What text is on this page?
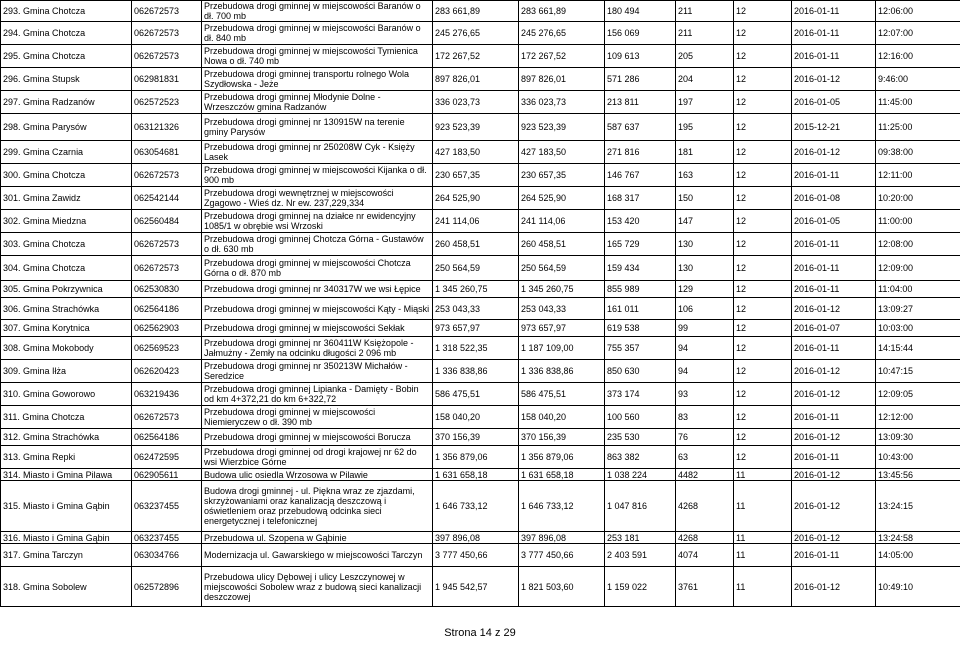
293. Gmina Chotcza	062672573	Przebudowa drogi gminnej w miejscowości Baranów o dł. 700 mb	283 661,89	283 661,89	180 494	211	12	2016-01-11	12:06:00
294. Gmina Chotcza	062672573	Przebudowa drogi gminnej w miejscowości Baranów o dł. 840 mb	245 276,65	245 276,65	156 069	211	12	2016-01-11	12:07:00
295. Gmina Chotcza	062672573	Przebudowa drogi gminnej w miejscowości Tymienica Nowa o dł. 740 mb	172 267,52	172 267,52	109 613	205	12	2016-01-11	12:16:00
296. Gmina Stupsk	062981831	Przebudowa drogi gminnej transportu rolnego Wola Szydłowska - Jeże	897 826,01	897 826,01	571 286	204	12	2016-01-12	9:46:00
297. Gmina Radzanów	062572523	Przebudowa drogi gminnej Młodynie Dolne - Wrzeszczów gmina Radzanów	336 023,73	336 023,73	213 811	197	12	2016-01-05	11:45:00
298. Gmina Parysów	063121326	Przebudowa drogi gminnej nr 130915W na terenie gminy Parysów	923 523,39	923 523,39	587 637	195	12	2015-12-21	11:25:00
299. Gmina Czarnia	063054681	Przebudowa drogi gminnej nr 250208W Cyk - Księży Lasek	427 183,50	427 183,50	271 816	181	12	2016-01-12	09:38:00
300. Gmina Chotcza	062672573	Przebudowa drogi gminnej w miejscowości Kijanka o dł. 900 mb	230 657,35	230 657,35	146 767	163	12	2016-01-11	12:11:00
301. Gmina Zawidz	062542144	Przebudowa drogi wewnętrznej w miejscowości Zgagowo - Wieś dz. Nr ew. 237,229,334	264 525,90	264 525,90	168 317	150	12	2016-01-08	10:20:00
302. Gmina Miedzna	062560484	Przebudowa drogi gminnej na działce nr ewidencyjny 1085/1 w obrębie wsi Wrzoski	241 114,06	241 114,06	153 420	147	12	2016-01-05	11:00:00
303. Gmina Chotcza	062672573	Przebudowa drogi gminnej Chotcza Górna - Gustawów o dł. 630 mb	260 458,51	260 458,51	165 729	130	12	2016-01-11	12:08:00
304. Gmina Chotcza	062672573	Przebudowa drogi gminnej w miejscowości Chotcza Górna o dł. 870 mb	250 564,59	250 564,59	159 434	130	12	2016-01-11	12:09:00
305. Gmina Pokrzywnica	062530830	Przebudowa drogi gminnej nr 340317W we wsi Łępice	1 345 260,75	1 345 260,75	855 989	129	12	2016-01-11	11:04:00
306. Gmina Strachówka	062564186	Przebudowa drogi gminnej w miejscowości Kąty - Miąski	253 043,33	253 043,33	161 011	106	12	2016-01-12	13:09:27
307. Gmina Korytnica	062562903	Przebudowa drogi gminnej w miejscowości Sekłak	973 657,97	973 657,97	619 538	99	12	2016-01-07	10:03:00
308. Gmina Mokobody	062569523	Przebudowa drogi gminnej nr 360411W Księżopole - Jałmużny - Zemły na odcinku długości 2 096 mb	1 318 522,35	1 187 109,00	755 357	94	12	2016-01-11	14:15:44
309. Gmina Iłża	062620423	Przebudowa drogi gminnej nr 350213W Michałów - Seredzice	1 336 838,86	1 336 838,86	850 630	94	12	2016-01-12	10:47:15
310. Gmina Goworowo	063219436	Przebudowa drogi gminnej Lipianka - Damięty - Bobin od km 4+372,21 do km 6+322,72	586 475,51	586 475,51	373 174	93	12	2016-01-12	12:09:05
311. Gmina Chotcza	062672573	Przebudowa drogi gminnej w miejscowości Niemieryczew o dł. 390 mb	158 040,20	158 040,20	100 560	83	12	2016-01-11	12:12:00
312. Gmina Strachówka	062564186	Przebudowa drogi gminnej w miejscowości Borucza	370 156,39	370 156,39	235 530	76	12	2016-01-12	13:09:30
313. Gmina Repki	062472595	Przebudowa drogi gminnej od drogi krajowej nr 62 do wsi Wierzbice Górne	1 356 879,06	1 356 879,06	863 382	63	12	2016-01-11	10:43:00
314. Miasto i Gmina Pilawa	062905611	Budowa ulic osiedla Wrzosowa w Pilawie	1 631 658,18	1 631 658,18	1 038 224	4482	11	2016-01-12	13:45:56
315. Miasto i Gmina Gąbin	063237455	Budowa drogi gminnej - ul. Piękna wraz ze zjazdami, skrzyżowaniami oraz kanalizacją deszczową i oświetleniem oraz przebudową odcinka sieci energetycznej i telefonicznej	1 646 733,12	1 646 733,12	1 047 816	4268	11	2016-01-12	13:24:15
316. Miasto i Gmina Gąbin	063237455	Przebudowa ul. Szopena w Gąbinie	397 896,08	397 896,08	253 181	4268	11	2016-01-12	13:24:58
317. Gmina Tarczyn	063034766	Modernizacja ul. Gawarskiego w miejscowości Tarczyn	3 777 450,66	3 777 450,66	2 403 591	4074	11	2016-01-11	14:05:00
318. Gmina Sobolew	062572896	Przebudowa ulicy Dębowej i ulicy Leszczynowej w miejscowości Sobolew wraz z budową sieci kanalizacji deszczowej	1 945 542,57	1 821 503,60	1 159 022	3761	11	2016-01-12	10:49:10
Strona 14 z 29
